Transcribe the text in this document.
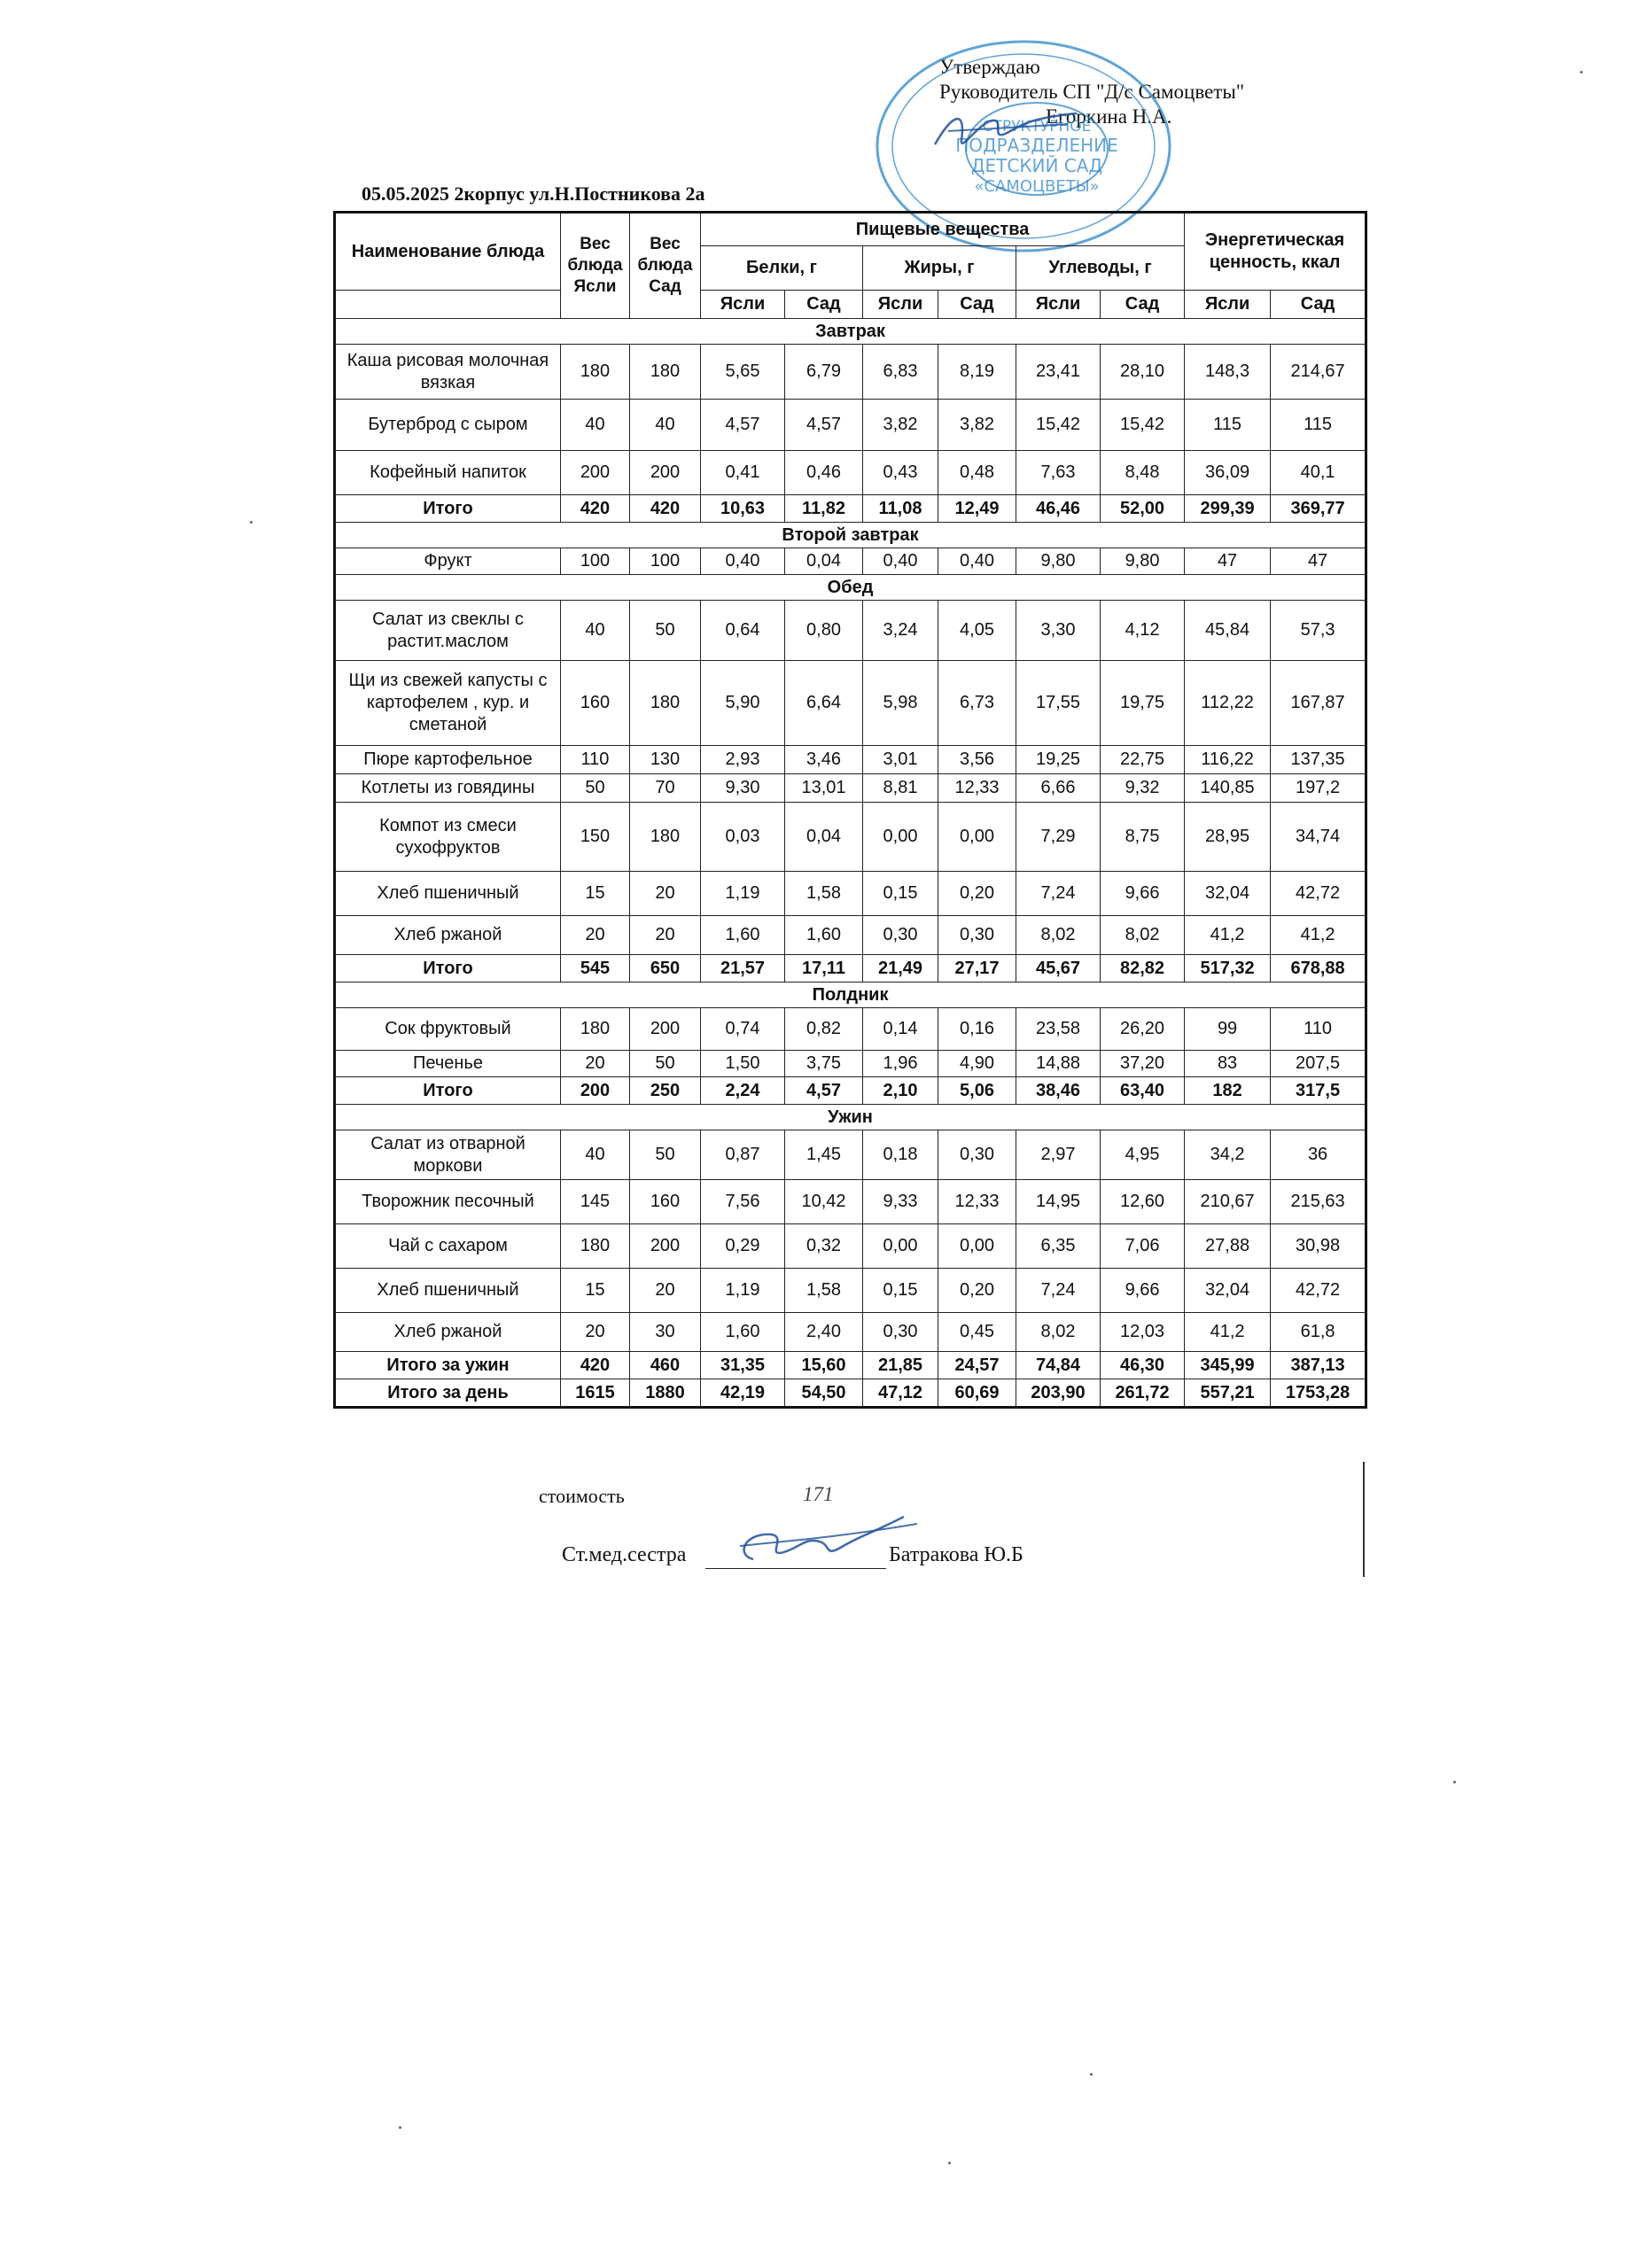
Утверждаю
Руководитель СП "Д/с Самоцветы"
Егоркина Н.А.
СТРУКТУРНОЕ
ПОДРАЗДЕЛЕНИЕ
ДЕТСКИЙ САД
«САМОЦВЕТЫ»
05.05.2025 2корпус ул.Н.Постникова 2а
Наименование блюда	Вес блюда Ясли	Вес блюда Сад	Пищевые вещества						Энергетическая ценность, ккал	
			Белки, г		Жиры, г		Углеводы, г			
			Ясли	Сад	Ясли	Сад	Ясли	Сад	Ясли	Сад
Завтрак										
Каша рисовая молочная вязкая	180	180	5,65	6,79	6,83	8,19	23,41	28,10	148,3	214,67
Бутерброд с сыром	40	40	4,57	4,57	3,82	3,82	15,42	15,42	115	115
Кофейный напиток	200	200	0,41	0,46	0,43	0,48	7,63	8,48	36,09	40,1
Итого	420	420	10,63	11,82	11,08	12,49	46,46	52,00	299,39	369,77
Второй завтрак										
Фрукт	100	100	0,40	0,04	0,40	0,40	9,80	9,80	47	47
Обед										
Салат из свеклы с растит.маслом	40	50	0,64	0,80	3,24	4,05	3,30	4,12	45,84	57,3
Щи из свежей капусты с картофелем , кур. и сметаной	160	180	5,90	6,64	5,98	6,73	17,55	19,75	112,22	167,87
Пюре картофельное	110	130	2,93	3,46	3,01	3,56	19,25	22,75	116,22	137,35
Котлеты из говядины	50	70	9,30	13,01	8,81	12,33	6,66	9,32	140,85	197,2
Компот из смеси сухофруктов	150	180	0,03	0,04	0,00	0,00	7,29	8,75	28,95	34,74
Хлеб пшеничный	15	20	1,19	1,58	0,15	0,20	7,24	9,66	32,04	42,72
Хлеб ржаной	20	20	1,60	1,60	0,30	0,30	8,02	8,02	41,2	41,2
Итого	545	650	21,57	17,11	21,49	27,17	45,67	82,82	517,32	678,88
Полдник										
Сок фруктовый	180	200	0,74	0,82	0,14	0,16	23,58	26,20	99	110
Печенье	20	50	1,50	3,75	1,96	4,90	14,88	37,20	83	207,5
Итого	200	250	2,24	4,57	2,10	5,06	38,46	63,40	182	317,5
Ужин										
Салат из отварной моркови	40	50	0,87	1,45	0,18	0,30	2,97	4,95	34,2	36
Творожник песочный	145	160	7,56	10,42	9,33	12,33	14,95	12,60	210,67	215,63
Чай с сахаром	180	200	0,29	0,32	0,00	0,00	6,35	7,06	27,88	30,98
Хлеб пшеничный	15	20	1,19	1,58	0,15	0,20	7,24	9,66	32,04	42,72
Хлеб ржаной	20	30	1,60	2,40	0,30	0,45	8,02	12,03	41,2	61,8
Итого за ужин	420	460	31,35	15,60	21,85	24,57	74,84	46,30	345,99	387,13
Итого за день	1615	1880	42,19	54,50	47,12	60,69	203,90	261,72	557,21	1753,28
стоимость	171
Ст.мед.сестра	Батракова Ю.Б
